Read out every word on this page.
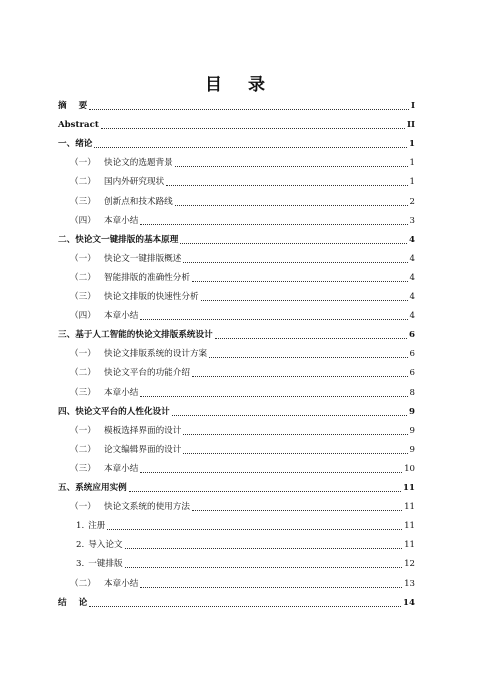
目 录
摘 要	I
Abstract	II
一、绪论	1
（一） 快论文的选题背景	1
（二） 国内外研究现状	1
（三） 创新点和技术路线	2
（四） 本章小结	3
二、快论文一键排版的基本原理	4
（一） 快论文一键排版概述	4
（二） 智能排版的准确性分析	4
（三） 快论文排版的快速性分析	4
（四） 本章小结	4
三、基于人工智能的快论文排版系统设计	6
（一） 快论文排版系统的设计方案	6
（二） 快论文平台的功能介绍	6
（三） 本章小结	8
四、快论文平台的人性化设计	9
（一） 模板选择界面的设计	9
（二） 论文编辑界面的设计	9
（三） 本章小结	10
五、系统应用实例	11
（一） 快论文系统的使用方法	11
1. 注册	11
2. 导入论文	11
3. 一键排版	12
（二） 本章小结	13
结 论	14
